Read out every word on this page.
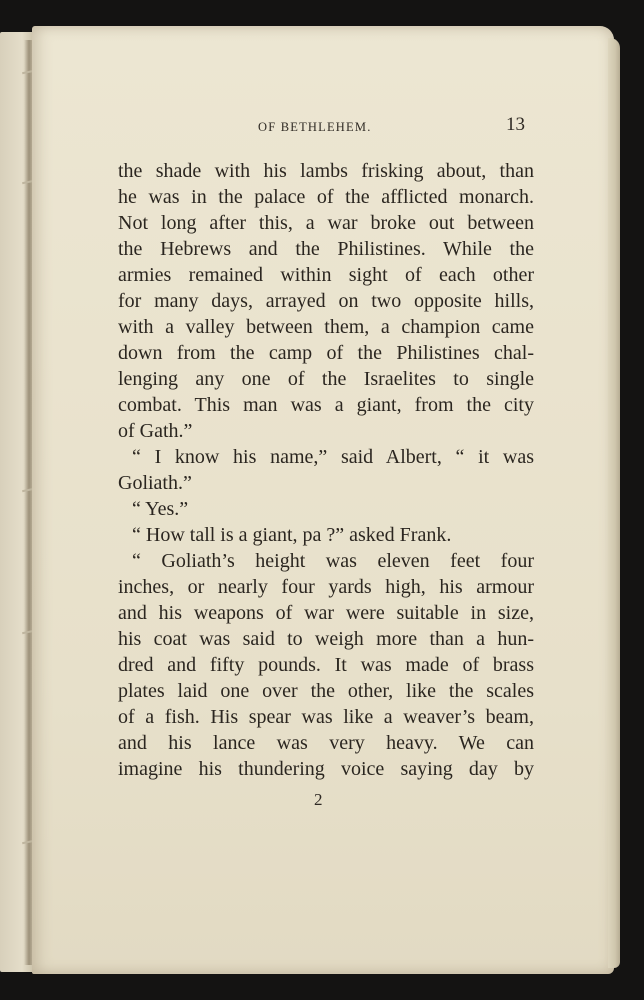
OF BETHLEHEM.	13
the shade with his lambs frisking about, than
he was in the palace of the afflicted monarch.
Not long after this, a war broke out between
the Hebrews and the Philistines. While the
armies remained within sight of each other
for many days, arrayed on two opposite hills,
with a valley between them, a champion came
down from the camp of the Philistines chal-
lenging any one of the Israelites to single
combat. This man was a giant, from the city
of Gath.”
“ I know his name,” said Albert, “ it was
Goliath.”
“ Yes.”
“ How tall is a giant, pa ?” asked Frank.
“ Goliath’s height was eleven feet four
inches, or nearly four yards high, his armour
and his weapons of war were suitable in size,
his coat was said to weigh more than a hun-
dred and fifty pounds. It was made of brass
plates laid one over the other, like the scales
of a fish. His spear was like a weaver’s beam,
and his lance was very heavy. We can
imagine his thundering voice saying day by
2
